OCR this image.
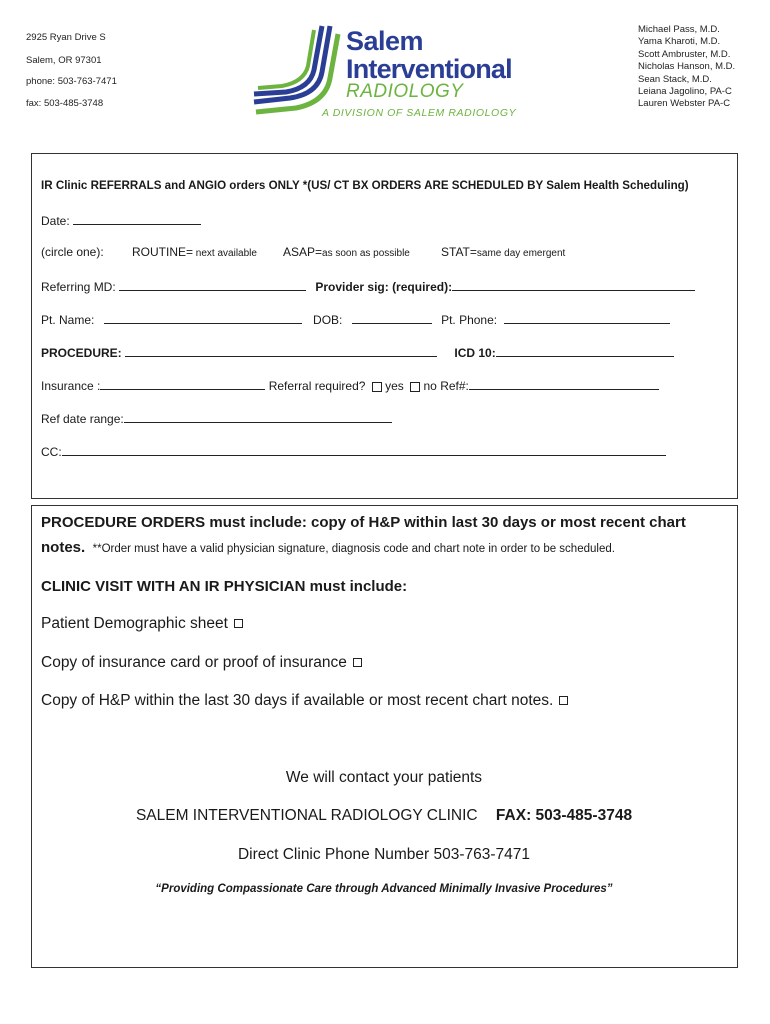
2925 Ryan Drive S
Salem, OR 97301
phone: 503-763-7471
fax: 503-485-3748
Salem
Interventional
RADIOLOGY
A DIVISION OF SALEM RADIOLOGY
Michael Pass, M.D.
Yama Kharoti, M.D.
Scott Ambruster, M.D.
Nicholas Hanson, M.D.
Sean Stack, M.D.
Leiana Jagolino, PA-C
Lauren Webster PA-C
IR Clinic REFERRALS and ANGIO orders ONLY *(US/ CT BX ORDERS ARE SCHEDULED BY Salem Health Scheduling)
Date:
(circle one): ROUTINE= next available ASAP=as soon as possible	STAT=same day emergent
Referring MD:	Provider sig: (required):
Pt. Name:	DOB:	Pt. Phone:
PROCEDURE:	ICD 10:
Insurance :	Referral required? yes no Ref#:
Ref date range:
CC:
PROCEDURE ORDERS must include: copy of H&P within last 30 days or most recent chart
notes. **Order must have a valid physician signature, diagnosis code and chart note in order to be scheduled.
CLINIC VISIT WITH AN IR PHYSICIAN must include:
Patient Demographic sheet
Copy of insurance card or proof of insurance
Copy of H&P within the last 30 days if available or most recent chart notes.
We will contact your patients
SALEM INTERVENTIONAL RADIOLOGY CLINIC FAX: 503-485-3748
Direct Clinic Phone Number 503-763-7471
“Providing Compassionate Care through Advanced Minimally Invasive Procedures”
